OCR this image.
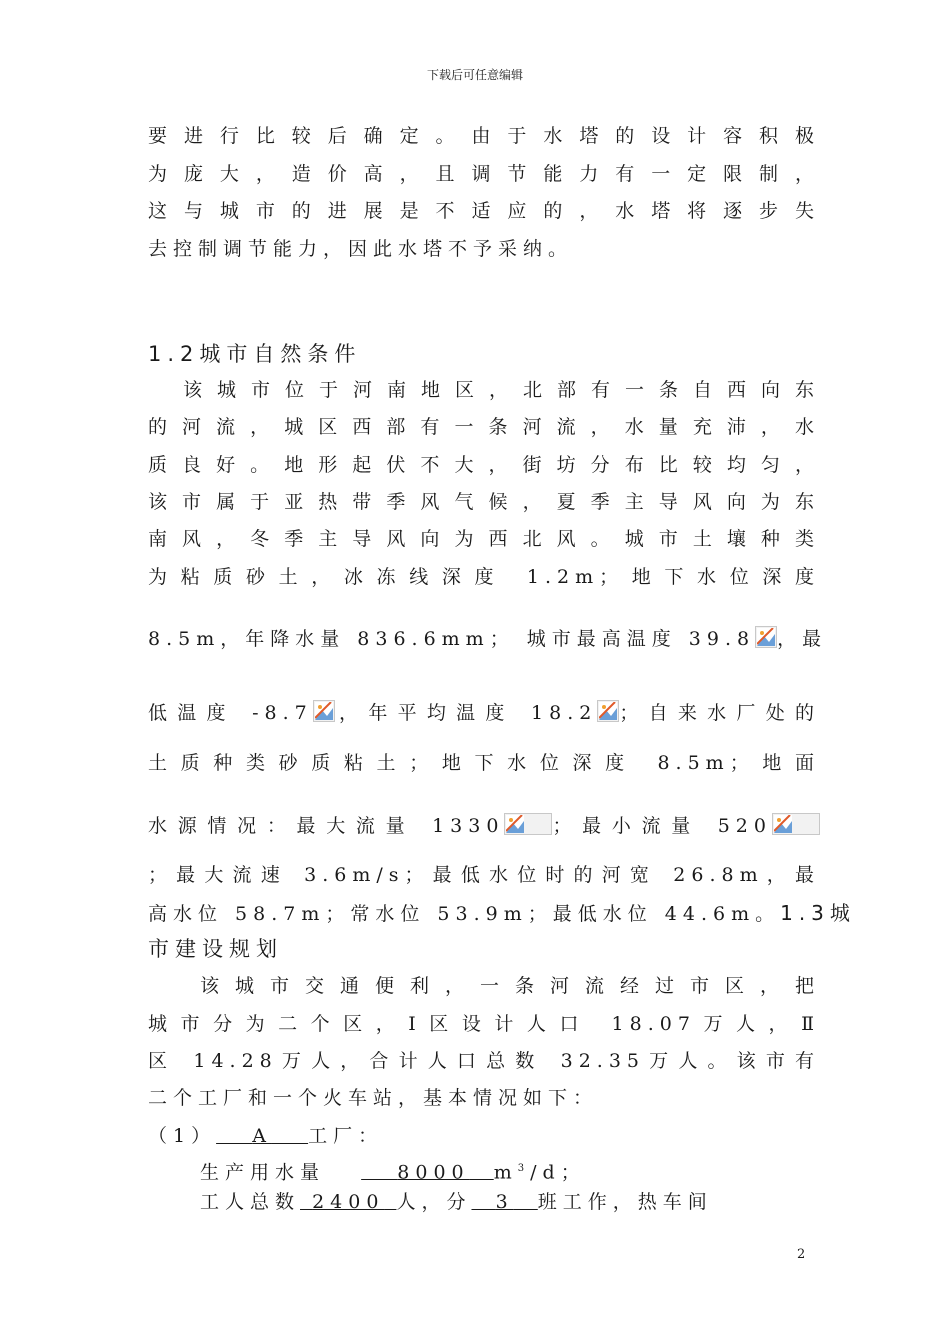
下载后可任意编辑
要进行比较后确定。由于水塔的设计容积极
为庞大，造价高，且调节能力有一定限制，
这与城市的进展是不适应的，水塔将逐步失
去控制调节能力，因此水塔不予采纳。
1.2城市自然条件
该城市位于河南地区，北部有一条自西向东
的河流，城区西部有一条河流，水量充沛，水
质良好。地形起伏不大，街坊分布比较均匀，
该市属于亚热带季风气候，夏季主导风向为东
南风，冬季主导风向为西北风。城市土壤种类
为粘质砂土，冰冻线深度 1.2m；地下水位深度
8.5m，年降水量 836.6mm； 城市最高温度 39.8 ，最
低温度 -8.7 ，年平均温度 18.2 ；自来水厂处的
土质种类砂质粘土；地下水位深度 8.5m；地面
水源情况：最大流量 1330	；最小流量 520
；最大流速 3.6m/s；最低水位时的河宽 26.8m，最
高水位 58.7m；常水位 53.9m；最低水位 44.6m。1.3城
市建设规划
该城市交通便利，一条河流经过市区，把
城市分为二个区，Ⅰ区设计人口 18.07万人，Ⅱ
区 14.28万人，合计人口总数 32.35万人。该市有
二个工厂和一个火车站，基本情况如下：
（1） A 工厂：
生产用水量	8000 $m^3/d$；
工人总数 2400 人，分 3 班工作，热车间
2
